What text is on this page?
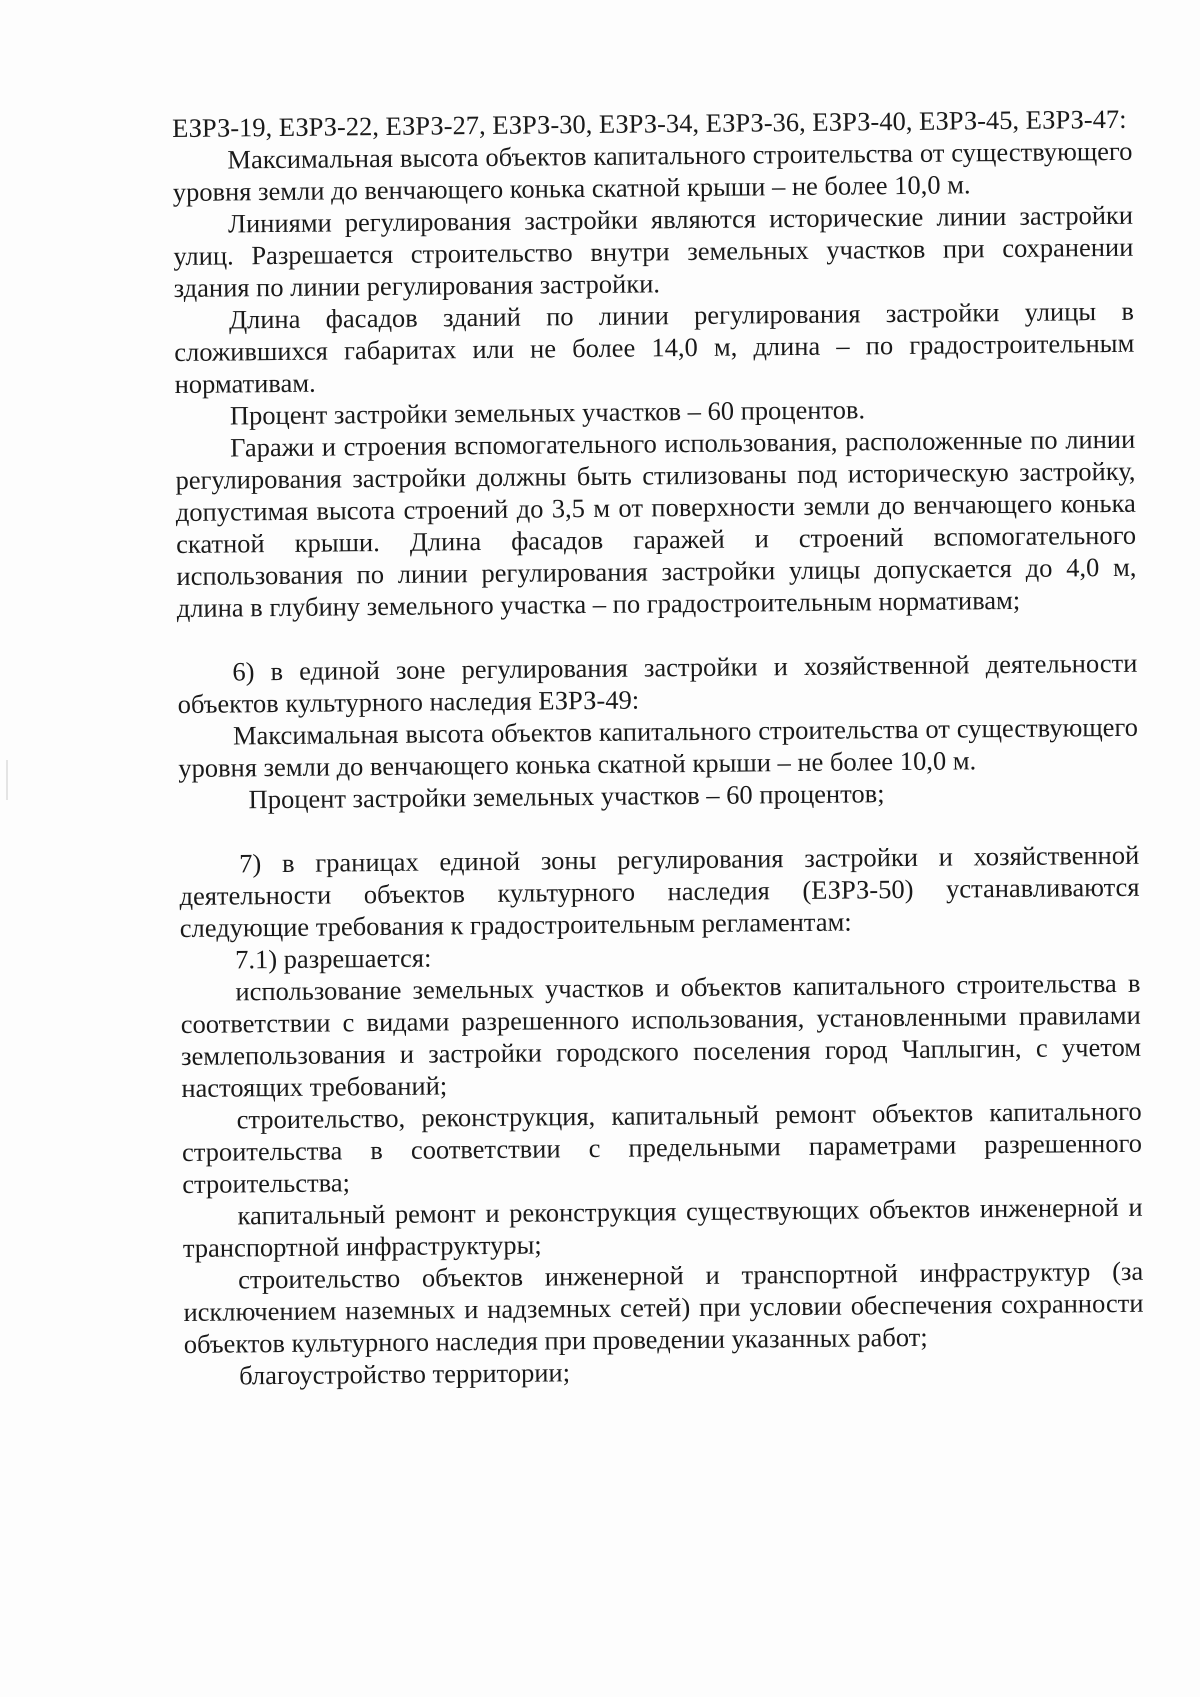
ЕЗРЗ-19, ЕЗРЗ-22, ЕЗРЗ-27, ЕЗРЗ-30, ЕЗРЗ-34, ЕЗРЗ-36, ЕЗРЗ-40, ЕЗРЗ-45, ЕЗРЗ-47:

Максимальная высота объектов капитального строительства от существующего уровня земли до венчающего конька скатной крыши – не более 10,0 м.

Линиями регулирования застройки являются исторические линии застройки улиц. Разрешается строительство внутри земельных участков при сохранении здания по линии регулирования застройки.

Длина фасадов зданий по линии регулирования застройки улицы в сложившихся габаритах или не более 14,0 м, длина – по градостроительным нормативам.

Процент застройки земельных участков – 60 процентов.

Гаражи и строения вспомогательного использования, расположенные по линии регулирования застройки должны быть стилизованы под историческую застройку, допустимая высота строений до 3,5 м от поверхности земли до венчающего конька скатной крыши. Длина фасадов гаражей и строений вспомогательного использования по линии регулирования застройки улицы допускается до 4,0 м, длина в глубину земельного участка – по градостроительным нормативам;

6) в единой зоне регулирования застройки и хозяйственной деятельности объектов культурного наследия ЕЗРЗ-49:

Максимальная высота объектов капитального строительства от существующего уровня земли до венчающего конька скатной крыши – не более 10,0 м.

Процент застройки земельных участков – 60 процентов;

7) в границах единой зоны регулирования застройки и хозяйственной деятельности объектов культурного наследия (ЕЗРЗ-50) устанавливаются следующие требования к градостроительным регламентам:

7.1) разрешается:

использование земельных участков и объектов капитального строительства в соответствии с видами разрешенного использования, установленными правилами землепользования и застройки городского поселения город Чаплыгин, с учетом настоящих требований;

строительство, реконструкция, капитальный ремонт объектов капитального строительства в соответствии с предельными параметрами разрешенного строительства;

капитальный ремонт и реконструкция существующих объектов инженерной и транспортной инфраструктуры;

строительство объектов инженерной и транспортной инфраструктур (за исключением наземных и надземных сетей) при условии обеспечения сохранности объектов культурного наследия при проведении указанных работ;

благоустройство территории;
